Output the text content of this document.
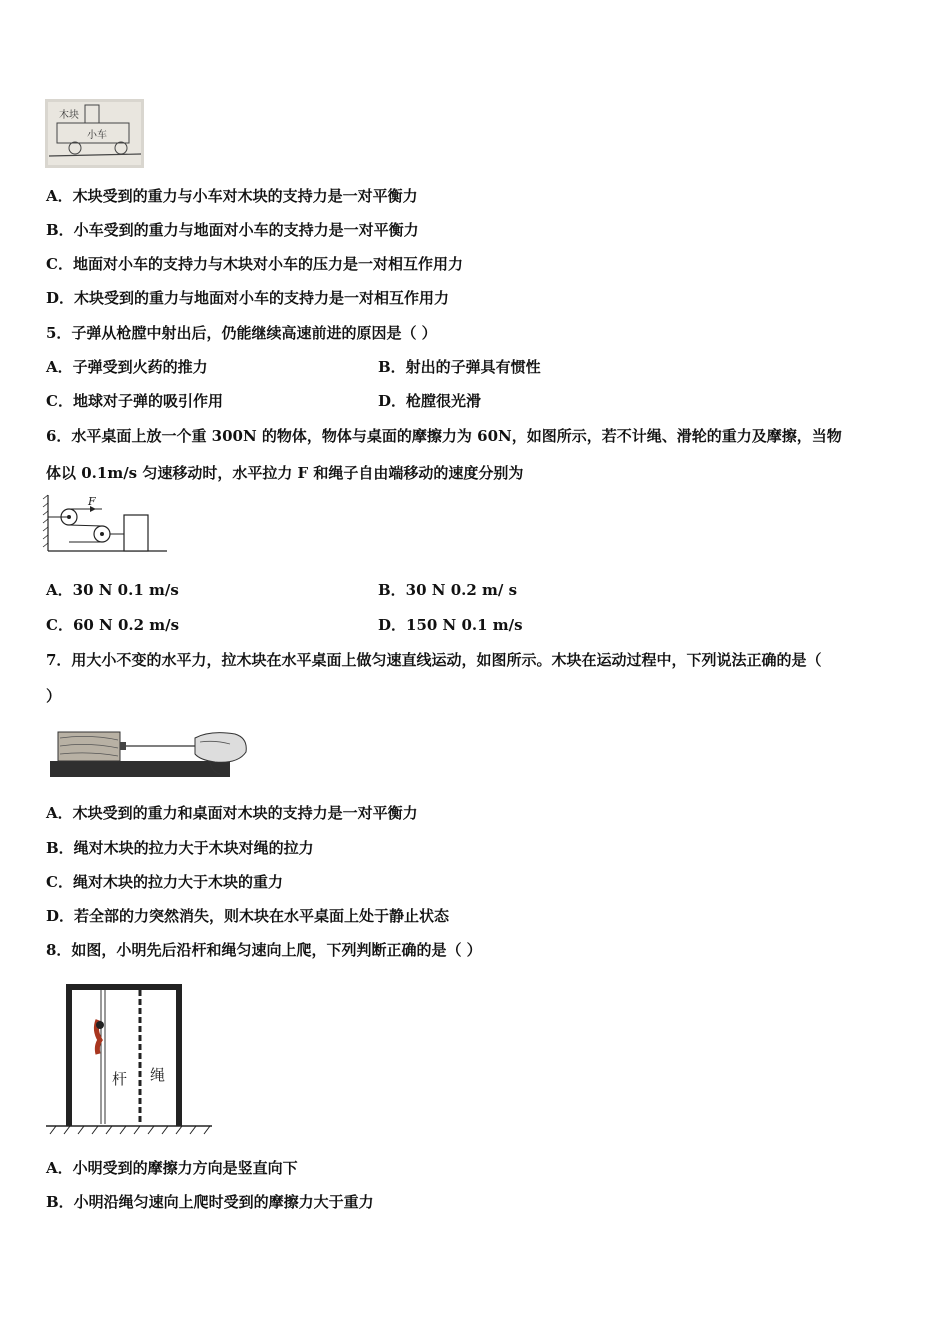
木块
小车
A．木块受到的重力与小车对木块的支持力是一对平衡力
B．小车受到的重力与地面对小车的支持力是一对平衡力
C．地面对小车的支持力与木块对小车的压力是一对相互作用力
D．木块受到的重力与地面对小车的支持力是一对相互作用力
5．子弹从枪膛中射出后，仍能继续高速前进的原因是（ ）
A．子弹受到火药的推力	B．射出的子弹具有惯性
C．地球对子弹的吸引作用	D．枪膛很光滑
6．水平桌面上放一个重 300N 的物体，物体与桌面的摩擦力为 60N，如图所示，若不计绳、滑轮的重力及摩擦，当物
体以 0.1m/s 匀速移动时，水平拉力 F 和绳子自由端移动的速度分别为
F
A．30 N 0.1 m/s	B．30 N 0.2 m/ s
C．60 N 0.2 m/s	D．150 N 0.1 m/s
7．用大小不变的水平力，拉木块在水平桌面上做匀速直线运动，如图所示。木块在运动过程中，下列说法正确的是（
）
A．木块受到的重力和桌面对木块的支持力是一对平衡力
B．绳对木块的拉力大于木块对绳的拉力
C．绳对木块的拉力大于木块的重力
D．若全部的力突然消失，则木块在水平桌面上处于静止状态
8．如图，小明先后沿杆和绳匀速向上爬，下列判断正确的是（ ）
杆 绳
A．小明受到的摩擦力方向是竖直向下
B．小明沿绳匀速向上爬时受到的摩擦力大于重力
